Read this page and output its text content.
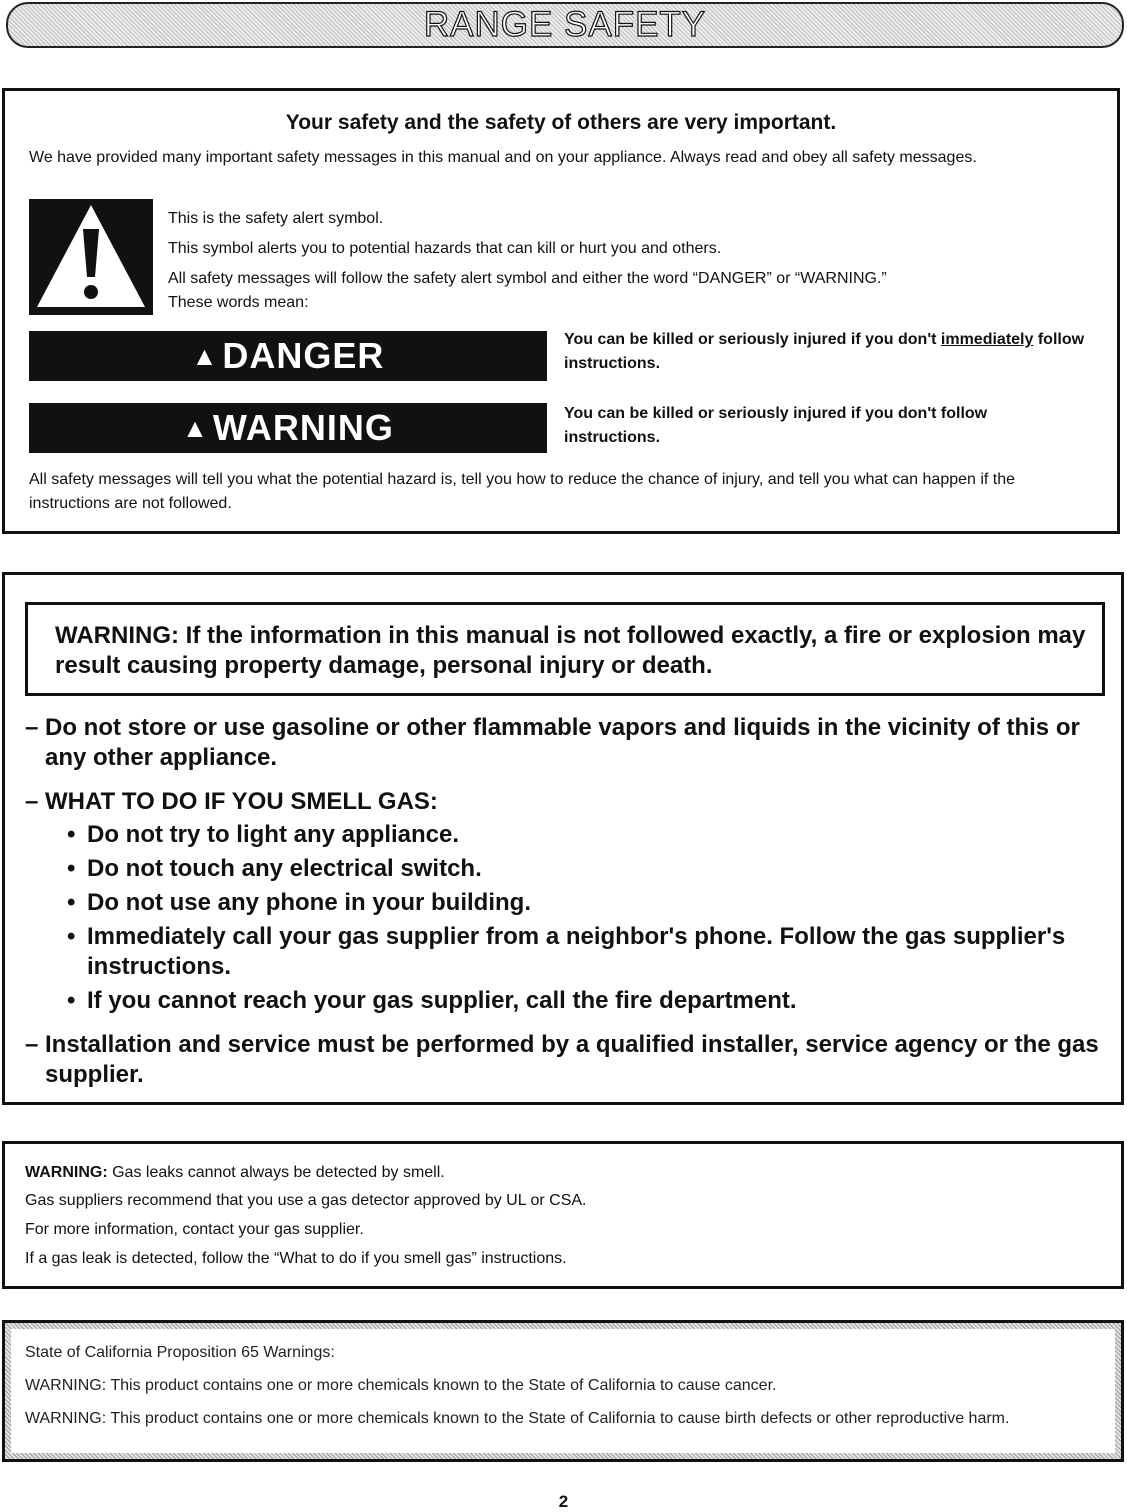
RANGE SAFETY
Your safety and the safety of others are very important.

We have provided many important safety messages in this manual and on your appliance. Always read and obey all safety messages.

This is the safety alert symbol.

This symbol alerts you to potential hazards that can kill or hurt you and others.

All safety messages will follow the safety alert symbol and either the word “DANGER” or “WARNING.”

These words mean:

▲ DANGER	You can be killed or seriously injured if you don't immediately follow instructions.

▲ WARNING	You can be killed or seriously injured if you don't follow instructions.

All safety messages will tell you what the potential hazard is, tell you how to reduce the chance of injury, and tell you what can happen if the instructions are not followed.

WARNING: If the information in this manual is not followed exactly, a fire or explosion may result causing property damage, personal injury or death.

– Do not store or use gasoline or other flammable vapors and liquids in the vicinity of this or any other appliance.
– WHAT TO DO IF YOU SMELL GAS:
• Do not try to light any appliance.
• Do not touch any electrical switch.
• Do not use any phone in your building.
• Immediately call your gas supplier from a neighbor's phone. Follow the gas supplier's instructions.
• If you cannot reach your gas supplier, call the fire department.
– Installation and service must be performed by a qualified installer, service agency or the gas supplier.

WARNING: Gas leaks cannot always be detected by smell.

Gas suppliers recommend that you use a gas detector approved by UL or CSA.

For more information, contact your gas supplier.

If a gas leak is detected, follow the “What to do if you smell gas” instructions.

State of California Proposition 65 Warnings:

WARNING: This product contains one or more chemicals known to the State of California to cause cancer.

WARNING: This product contains one or more chemicals known to the State of California to cause birth defects or other reproductive harm.

2
